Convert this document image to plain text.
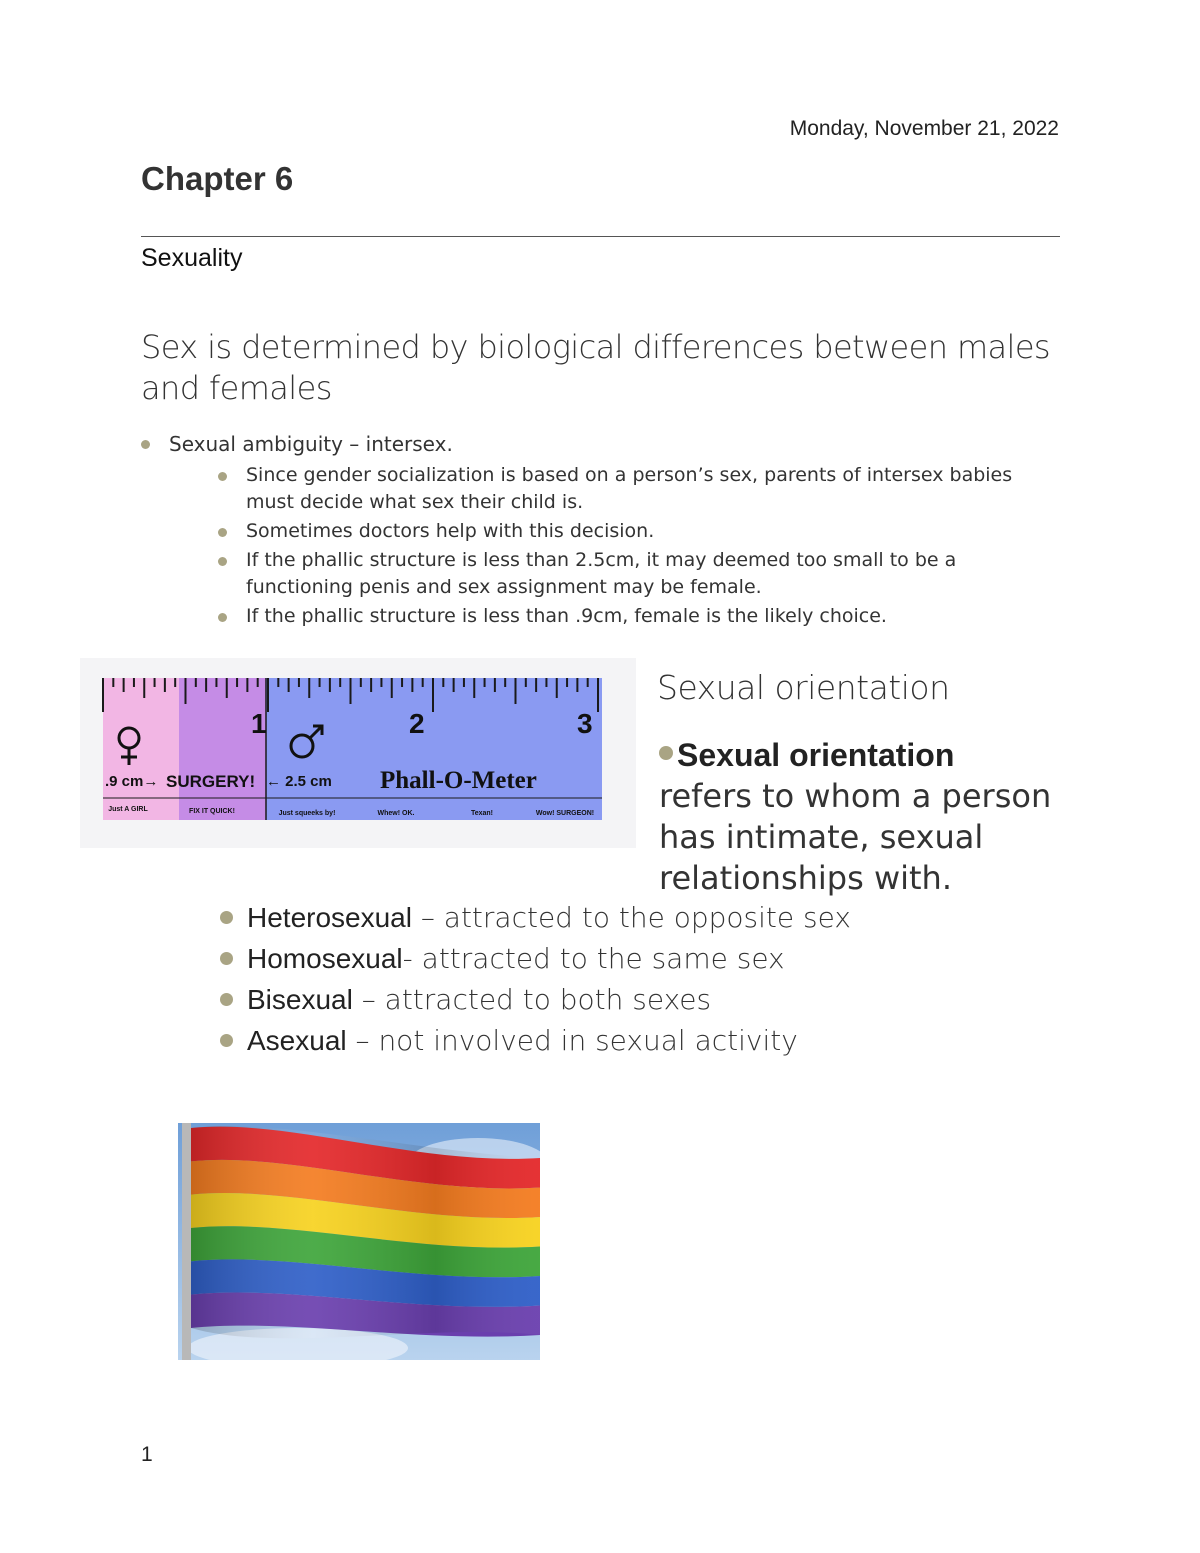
Monday, November 21, 2022
Chapter 6
Sexuality
Sex is determined by biological differences between males and females
Sexual ambiguity – intersex.
Since gender socialization is based on a person’s sex, parents of intersex babies must decide what sex their child is.
Sometimes doctors help with this decision.
If the phallic structure is less than 2.5cm, it may deemed too small to be a functioning penis and sex assignment may be female.
If the phallic structure is less than .9cm, female is the likely choice.
1	2	3
.9 cm→ SURGERY! ← 2.5 cm Phall-O-Meter
Just A GIRL	FIX IT QUICK!	Just squeeks by!	Whew! OK.	Texan!	Wow! SURGEON!
Sexual orientation
Sexual orientation
refers to whom a person has intimate, sexual relationships with.
Heterosexual – attracted to the opposite sex
Homosexual - attracted to the same sex
Bisexual – attracted to both sexes
Asexual – not involved in sexual activity
1
